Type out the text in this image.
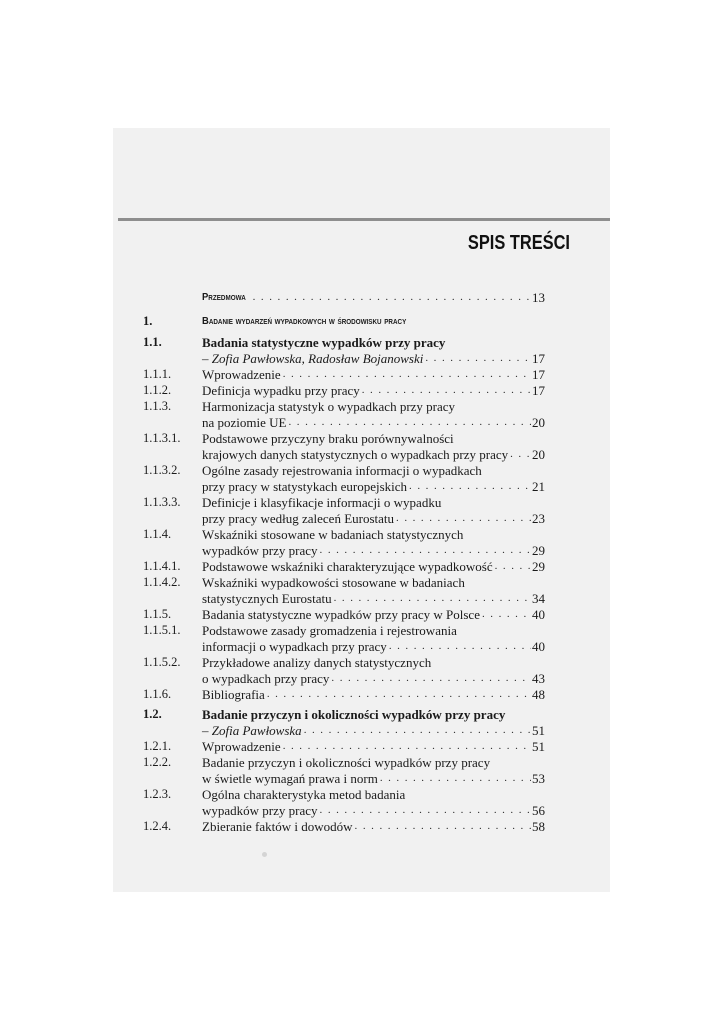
SPIS TREŚCI
Przedmowa . . .	13
1.	Badanie wydarzeń wypadkowych w środowisku pracy
1.1.	Badania statystyczne wypadków przy pracy
– Zofia Pawłowska, Radosław Bojanowski . . .	17
1.1.1. Wprowadzenie . . .	17
1.1.2. Definicja wypadku przy pracy . . .	17
1.1.3. Harmonizacja statystyk o wypadkach przy pracy
na poziomie UE . . .	20
1.1.3.1. Podstawowe przyczyny braku porównywalności
krajowych danych statystycznych o wypadkach przy pracy . . . 20
1.1.3.2. Ogólne zasady rejestrowania informacji o wypadkach
przy pracy w statystykach europejskich . . .	21
1.1.3.3. Definicje i klasyfikacje informacji o wypadku
przy pracy według zaleceń Eurostatu . . .	23
1.1.4. Wskaźniki stosowane w badaniach statystycznych
wypadków przy pracy . . .	29
1.1.4.1. Podstawowe wskaźniki charakteryzujące wypadkowość . . .	29
1.1.4.2. Wskaźniki wypadkowości stosowane w badaniach
statystycznych Eurostatu . . .	34
1.1.5. Badania statystyczne wypadków przy pracy w Polsce . . .	40
1.1.5.1. Podstawowe zasady gromadzenia i rejestrowania
informacji o wypadkach przy pracy . . .	40
1.1.5.2. Przykładowe analizy danych statystycznych
o wypadkach przy pracy . . .	43
1.1.6. Bibliografia . . .	48
1.2.	Badanie przyczyn i okoliczności wypadków przy pracy
– Zofia Pawłowska . . .	51
1.2.1. Wprowadzenie . . .	51
1.2.2. Badanie przyczyn i okoliczności wypadków przy pracy
w świetle wymagań prawa i norm . . .	53
1.2.3. Ogólna charakterystyka metod badania
wypadków przy pracy . . .	56
1.2.4. Zbieranie faktów i dowodów . . .	58
